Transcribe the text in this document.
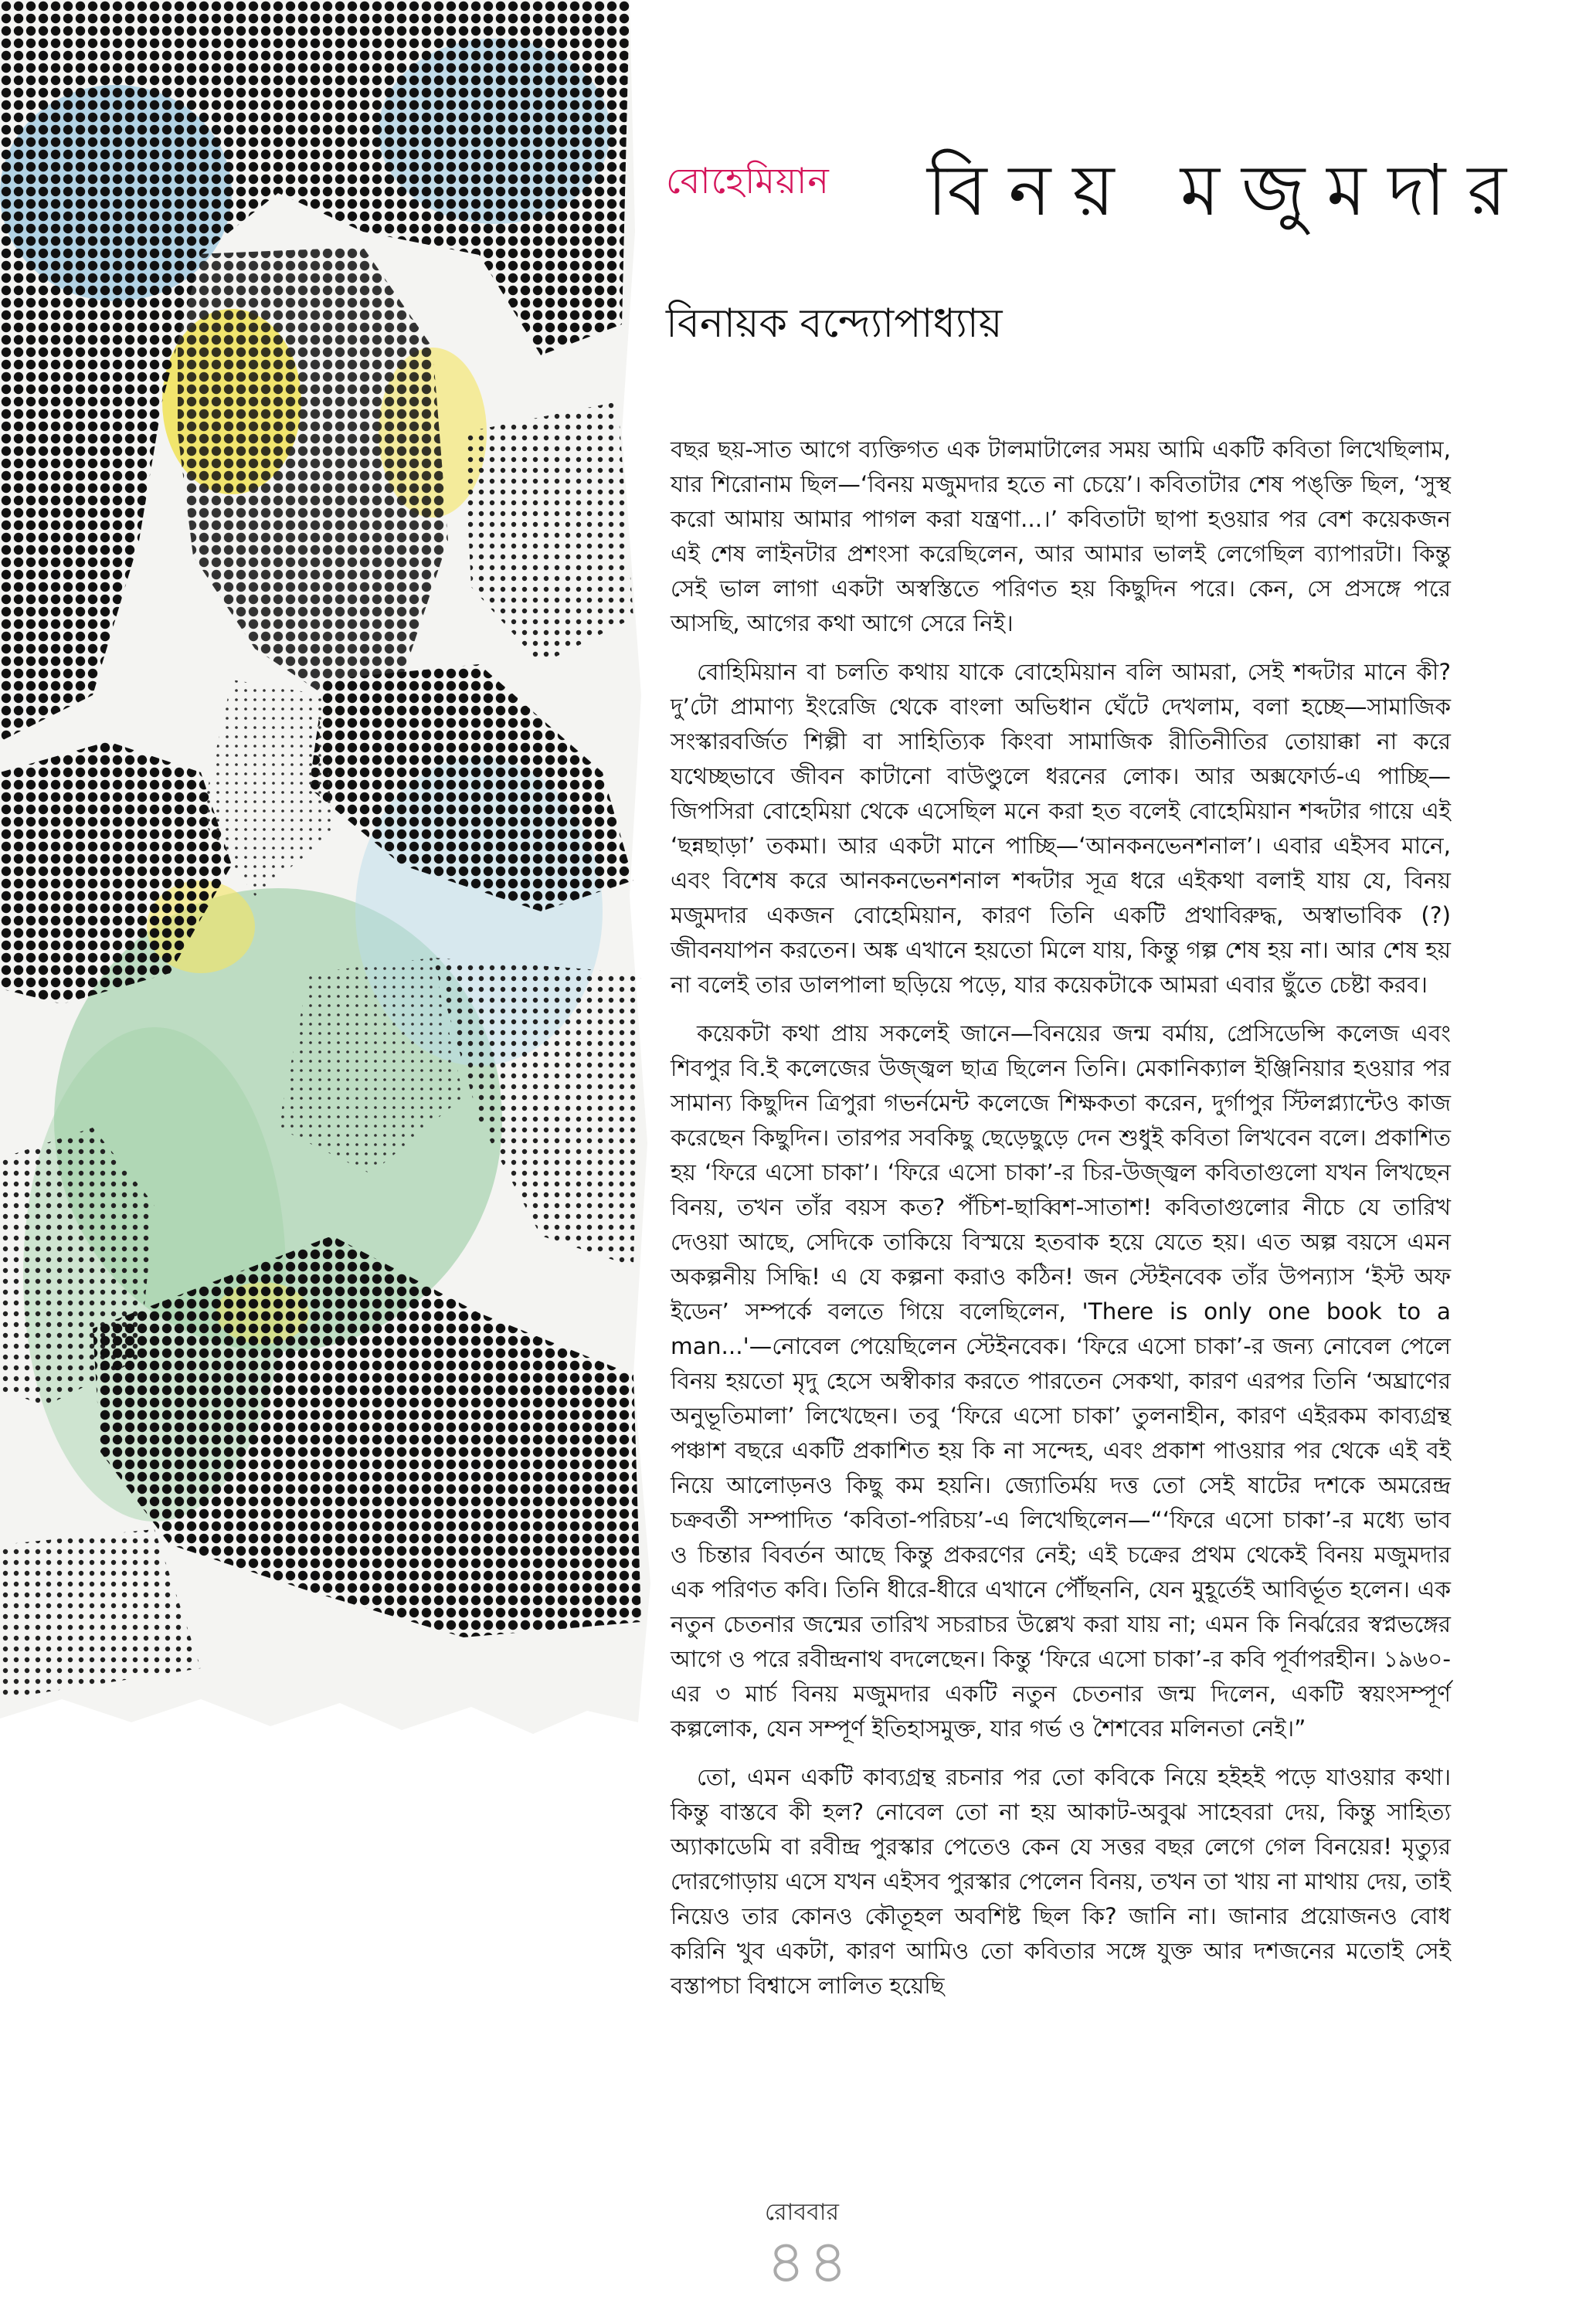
বোহেমিয়ান বিনয় মজুমদার
বিনায়ক বন্দ্যোপাধ্যায়

বছর ছয়-সাত আগে ব্যক্তিগত এক টালমাটালের সময় আমি একটি কবিতা লিখেছিলাম, যার শিরোনাম ছিল—‘বিনয় মজুমদার হতে না চেয়ে’। কবিতাটার শেষ পঙ্‌ক্তি ছিল, ‘সুস্থ করো আমায় আমার পাগল করা যন্ত্রণা...।’ কবিতাটা ছাপা হওয়ার পর বেশ কয়েকজন এই শেষ লাইনটার প্রশংসা করেছিলেন, আর আমার ভালই লেগেছিল ব্যাপারটা। কিন্তু সেই ভাল লাগা একটা অস্বস্তিতে পরিণত হয় কিছুদিন পরে। কেন, সে প্রসঙ্গে পরে আসছি, আগের কথা আগে সেরে নিই।

বোহিমিয়ান বা চলতি কথায় যাকে বোহেমিয়ান বলি আমরা, সেই শব্দটার মানে কী? দু’টো প্রামাণ্য ইংরেজি থেকে বাংলা অভিধান ঘেঁটে দেখলাম, বলা হচ্ছে—সামাজিক সংস্কারবর্জিত শিল্পী বা সাহিত্যিক কিংবা সামাজিক রীতিনীতির তোয়াক্কা না করে যথেচ্ছভাবে জীবন কাটানো বাউণ্ডুলে ধরনের লোক। আর অক্সফোর্ড-এ পাচ্ছি—জিপসিরা বোহেমিয়া থেকে এসেছিল মনে করা হত বলেই বোহেমিয়ান শব্দটার গায়ে এই ‘ছন্নছাড়া’ তকমা। আর একটা মানে পাচ্ছি—‘আনকনভেনশনাল’। এবার এইসব মানে, এবং বিশেষ করে আনকনভেনশনাল শব্দটার সূত্র ধরে এইকথা বলাই যায় যে, বিনয় মজুমদার একজন বোহেমিয়ান, কারণ তিনি একটি প্রথাবিরুদ্ধ, অস্বাভাবিক (?) জীবনযাপন করতেন। অঙ্ক এখানে হয়তো মিলে যায়, কিন্তু গল্প শেষ হয় না। আর শেষ হয় না বলেই তার ডালপালা ছড়িয়ে পড়ে, যার কয়েকটাকে আমরা এবার ছুঁতে চেষ্টা করব।

কয়েকটা কথা প্রায় সকলেই জানে—বিনয়ের জন্ম বর্মায়, প্রেসিডেন্সি কলেজ এবং শিবপুর বি.ই কলেজের উজ্জ্বল ছাত্র ছিলেন তিনি। মেকানিক্যাল ইঞ্জিনিয়ার হওয়ার পর সামান্য কিছুদিন ত্রিপুরা গভর্নমেন্ট কলেজে শিক্ষকতা করেন, দুর্গাপুর স্টিলপ্ল্যান্টেও কাজ করেছেন কিছুদিন। তারপর সবকিছু ছেড়েছুড়ে দেন শুধুই কবিতা লিখবেন বলে। প্রকাশিত হয় ‘ফিরে এসো চাকা’। ‘ফিরে এসো চাকা’-র চির-উজ্জ্বল কবিতাগুলো যখন লিখছেন বিনয়, তখন তাঁর বয়স কত? পঁচিশ-ছাব্বিশ-সাতাশ! কবিতাগুলোর নীচে যে তারিখ দেওয়া আছে, সেদিকে তাকিয়ে বিস্ময়ে হতবাক হয়ে যেতে হয়। এত অল্প বয়সে এমন অকল্পনীয় সিদ্ধি! এ যে কল্পনা করাও কঠিন! জন স্টেইনবেক তাঁর উপন্যাস ‘ইস্ট অফ ইডেন’ সম্পর্কে বলতে গিয়ে বলেছিলেন, 'There is only one book to a man...'—নোবেল পেয়েছিলেন স্টেইনবেক। ‘ফিরে এসো চাকা’-র জন্য নোবেল পেলে বিনয় হয়তো মৃদু হেসে অস্বীকার করতে পারতেন সেকথা, কারণ এরপর তিনি ‘অঘ্রাণের অনুভূতিমালা’ লিখেছেন। তবু ‘ফিরে এসো চাকা’ তুলনাহীন, কারণ এইরকম কাব্যগ্রন্থ পঞ্চাশ বছরে একটি প্রকাশিত হয় কি না সন্দেহ, এবং প্রকাশ পাওয়ার পর থেকে এই বই নিয়ে আলোড়নও কিছু কম হয়নি। জ্যোতির্ময় দত্ত তো সেই ষাটের দশকে অমরেন্দ্র চক্রবর্তী সম্পাদিত ‘কবিতা-পরিচয়’-এ লিখেছিলেন—“‘ফিরে এসো চাকা’-র মধ্যে ভাব ও চিন্তার বিবর্তন আছে কিন্তু প্রকরণের নেই; এই চক্রের প্রথম থেকেই বিনয় মজুমদার এক পরিণত কবি। তিনি ধীরে-ধীরে এখানে পৌঁছননি, যেন মুহূর্তেই আবির্ভূত হলেন। এক নতুন চেতনার জন্মের তারিখ সচরাচর উল্লেখ করা যায় না; এমন কি নির্ঝরের স্বপ্নভঙ্গের আগে ও পরে রবীন্দ্রনাথ বদলেছেন। কিন্তু ‘ফিরে এসো চাকা’-র কবি পূর্বাপরহীন। ১৯৬০-এর ৩ মার্চ বিনয় মজুমদার একটি নতুন চেতনার জন্ম দিলেন, একটি স্বয়ংসম্পূর্ণ কল্পলোক, যেন সম্পূর্ণ ইতিহাসমুক্ত, যার গর্ভ ও শৈশবের মলিনতা নেই।”

তো, এমন একটি কাব্যগ্রন্থ রচনার পর তো কবিকে নিয়ে হইহই পড়ে যাওয়ার কথা। কিন্তু বাস্তবে কী হল? নোবেল তো না হয় আকাট-অবুঝ সাহেবরা দেয়, কিন্তু সাহিত্য অ্যাকাডেমি বা রবীন্দ্র পুরস্কার পেতেও কেন যে সত্তর বছর লেগে গেল বিনয়ের! মৃত্যুর দোরগোড়ায় এসে যখন এইসব পুরস্কার পেলেন বিনয়, তখন তা খায় না মাথায় দেয়, তাই নিয়েও তার কোনও কৌতূহল অবশিষ্ট ছিল কি? জানি না। জানার প্রয়োজনও বোধ করিনি খুব একটা, কারণ আমিও তো কবিতার সঙ্গে যুক্ত আর দশজনের মতোই সেই বস্তাপচা বিশ্বাসে লালিত হয়েছি

রোববার
৪৪
